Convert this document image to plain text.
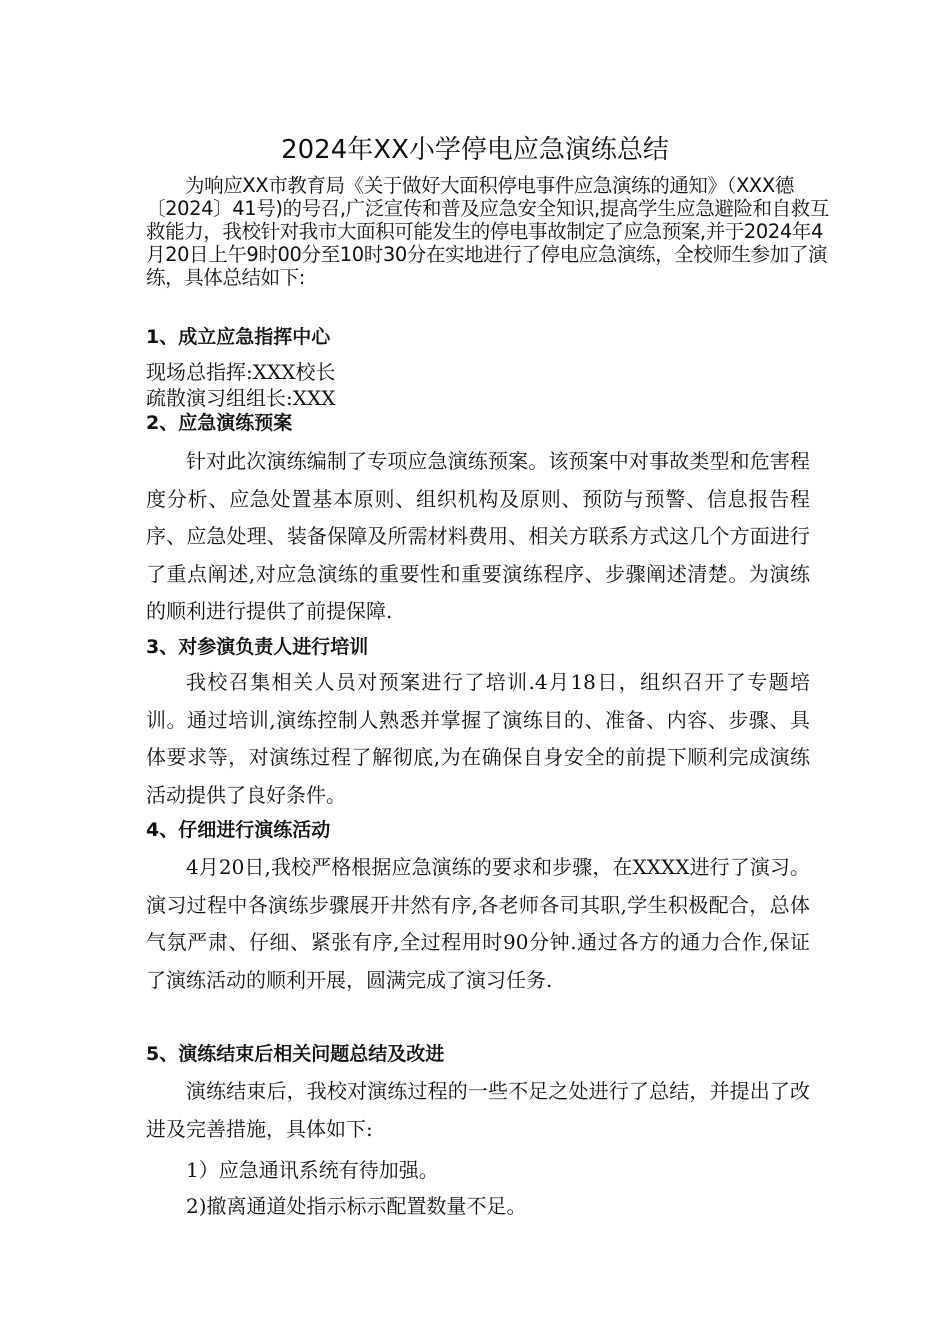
2024年XX小学停电应急演练总结
为响应XX市教育局《关于做好大面积停电事件应急演练的通知》（XXX德〔2024〕41号)的号召,广泛宣传和普及应急安全知识,提高学生应急避险和自救互救能力，我校针对我市大面积可能发生的停电事故制定了应急预案,并于2024年4月20日上午9时00分至10时30分在实地进行了停电应急演练，全校师生参加了演练，具体总结如下:
1、成立应急指挥中心
现场总指挥:XXX校长
疏散演习组组长:XXX
2、应急演练预案
针对此次演练编制了专项应急演练预案。该预案中对事故类型和危害程度分析、应急处置基本原则、组织机构及原则、预防与预警、信息报告程序、应急处理、装备保障及所需材料费用、相关方联系方式这几个方面进行了重点阐述,对应急演练的重要性和重要演练程序、步骤阐述清楚。为演练的顺利进行提供了前提保障.
3、对参演负责人进行培训
我校召集相关人员对预案进行了培训.4月18日，组织召开了专题培训。通过培训,演练控制人熟悉并掌握了演练目的、准备、内容、步骤、具体要求等，对演练过程了解彻底,为在确保自身安全的前提下顺利完成演练活动提供了良好条件。
4、仔细进行演练活动
4月20日,我校严格根据应急演练的要求和步骤，在XXXX进行了演习。演习过程中各演练步骤展开井然有序,各老师各司其职,学生积极配合，总体气氛严肃、仔细、紧张有序,全过程用时90分钟.通过各方的通力合作,保证了演练活动的顺利开展，圆满完成了演习任务.
5、演练结束后相关问题总结及改进
演练结束后，我校对演练过程的一些不足之处进行了总结，并提出了改进及完善措施，具体如下:
1）应急通讯系统有待加强。
2)撤离通道处指示标示配置数量不足。
